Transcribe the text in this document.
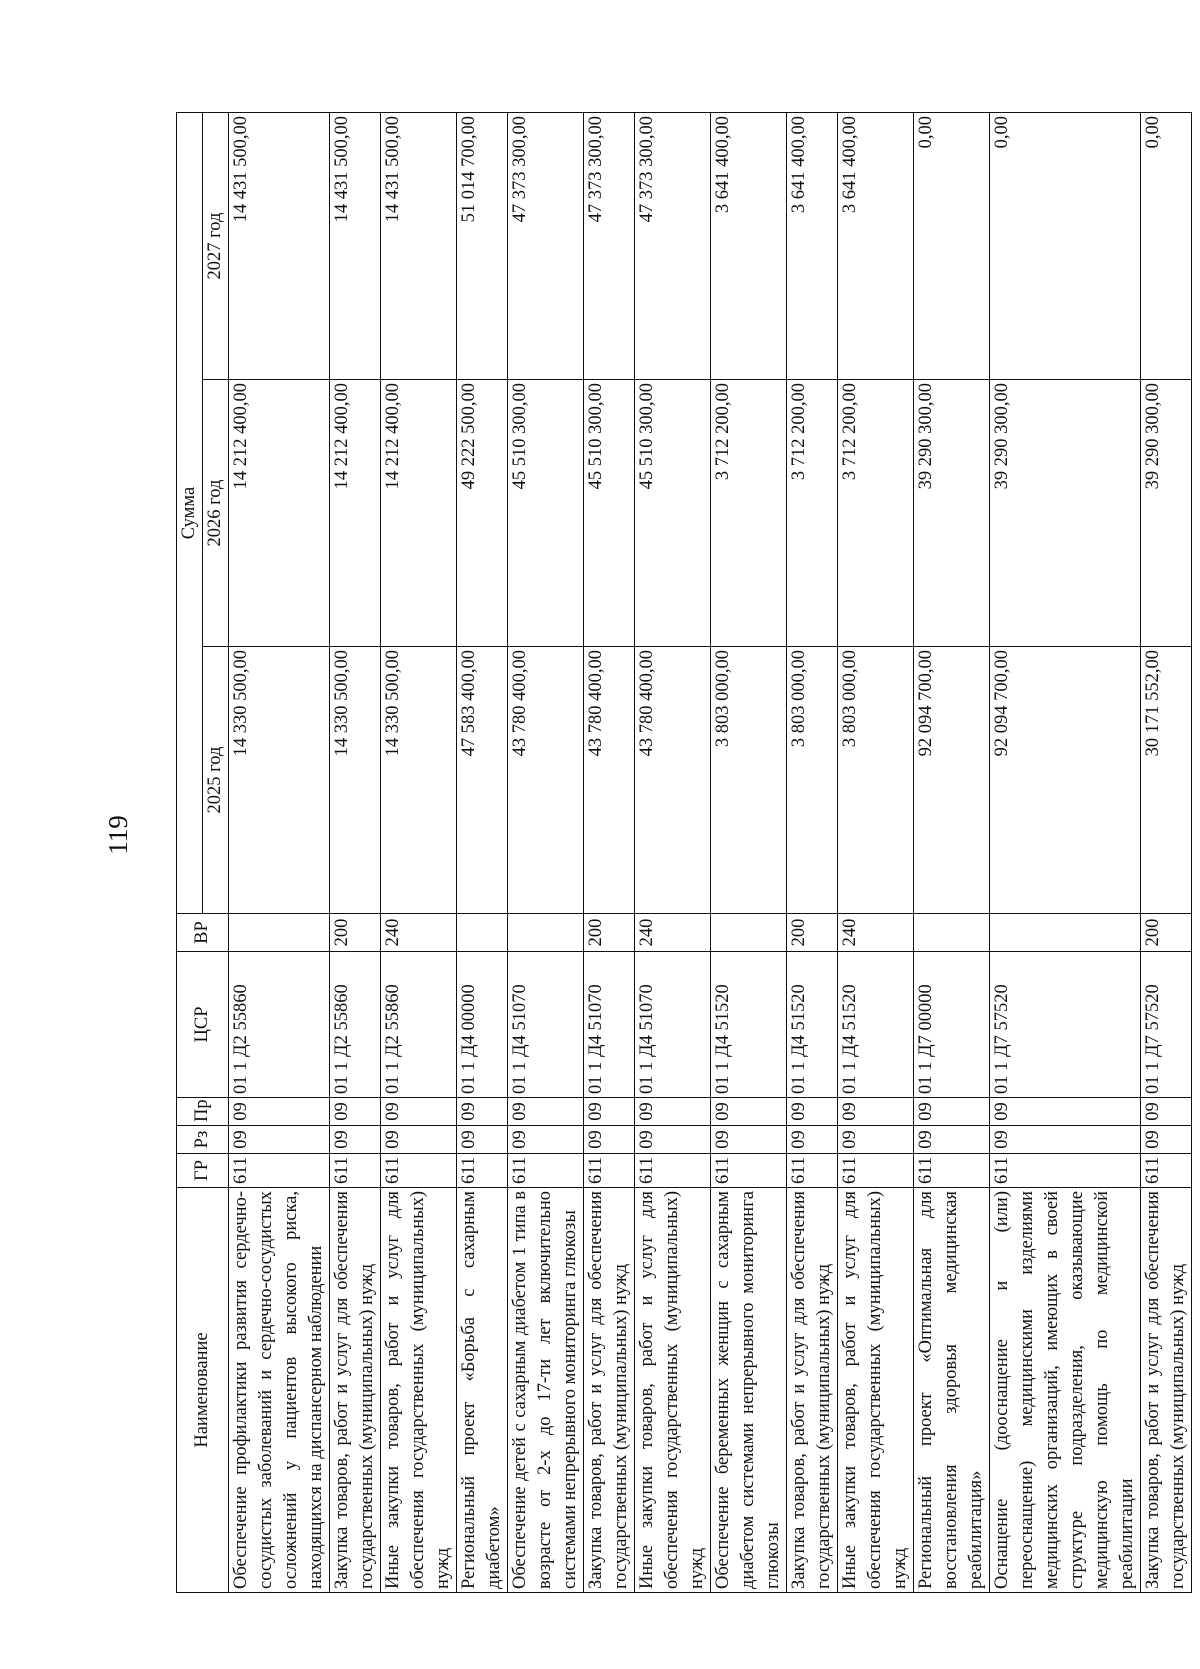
119
Наименование	ГР	Рз	Пр	ЦСР	ВР	Сумма		
						2025 год	2026 год	2027 год
Обеспечение профилактики развития сердечно-сосудистых заболеваний и сердечно-сосудистых осложнений у пациентов высокого риска, находящихся на диспансерном наблюдении	611	09	09	01 1 Д2 55860		14 330 500,00	14 212 400,00	14 431 500,00
Закупка товаров, работ и услуг для обеспечения государственных (муниципальных) нужд	611	09	09	01 1 Д2 55860	200	14 330 500,00	14 212 400,00	14 431 500,00
Иные закупки товаров, работ и услуг для обеспечения государственных (муниципальных) нужд	611	09	09	01 1 Д2 55860	240	14 330 500,00	14 212 400,00	14 431 500,00
Региональный проект «Борьба с сахарным диабетом»	611	09	09	01 1 Д4 00000		47 583 400,00	49 222 500,00	51 014 700,00
Обеспечение детей с сахарным диабетом 1 типа в возрасте от 2-х до 17-ти лет включительно системами непрерывного мониторинга глюкозы	611	09	09	01 1 Д4 51070		43 780 400,00	45 510 300,00	47 373 300,00
Закупка товаров, работ и услуг для обеспечения государственных (муниципальных) нужд	611	09	09	01 1 Д4 51070	200	43 780 400,00	45 510 300,00	47 373 300,00
Иные закупки товаров, работ и услуг для обеспечения государственных (муниципальных) нужд	611	09	09	01 1 Д4 51070	240	43 780 400,00	45 510 300,00	47 373 300,00
Обеспечение беременных женщин с сахарным диабетом системами непрерывного мониторинга глюкозы	611	09	09	01 1 Д4 51520		3 803 000,00	3 712 200,00	3 641 400,00
Закупка товаров, работ и услуг для обеспечения государственных (муниципальных) нужд	611	09	09	01 1 Д4 51520	200	3 803 000,00	3 712 200,00	3 641 400,00
Иные закупки товаров, работ и услуг для обеспечения государственных (муниципальных) нужд	611	09	09	01 1 Д4 51520	240	3 803 000,00	3 712 200,00	3 641 400,00
Региональный проект «Оптимальная для восстановления здоровья медицинская реабилитация»	611	09	09	01 1 Д7 00000		92 094 700,00	39 290 300,00	0,00
Оснащение (дооснащение и (или) переоснащение) медицинскими изделиями медицинских организаций, имеющих в своей структуре подразделения, оказывающие медицинскую помощь по медицинской реабилитации	611	09	09	01 1 Д7 57520		92 094 700,00	39 290 300,00	0,00
Закупка товаров, работ и услуг для обеспечения государственных (муниципальных) нужд	611	09	09	01 1 Д7 57520	200	30 171 552,00	39 290 300,00	0,00
